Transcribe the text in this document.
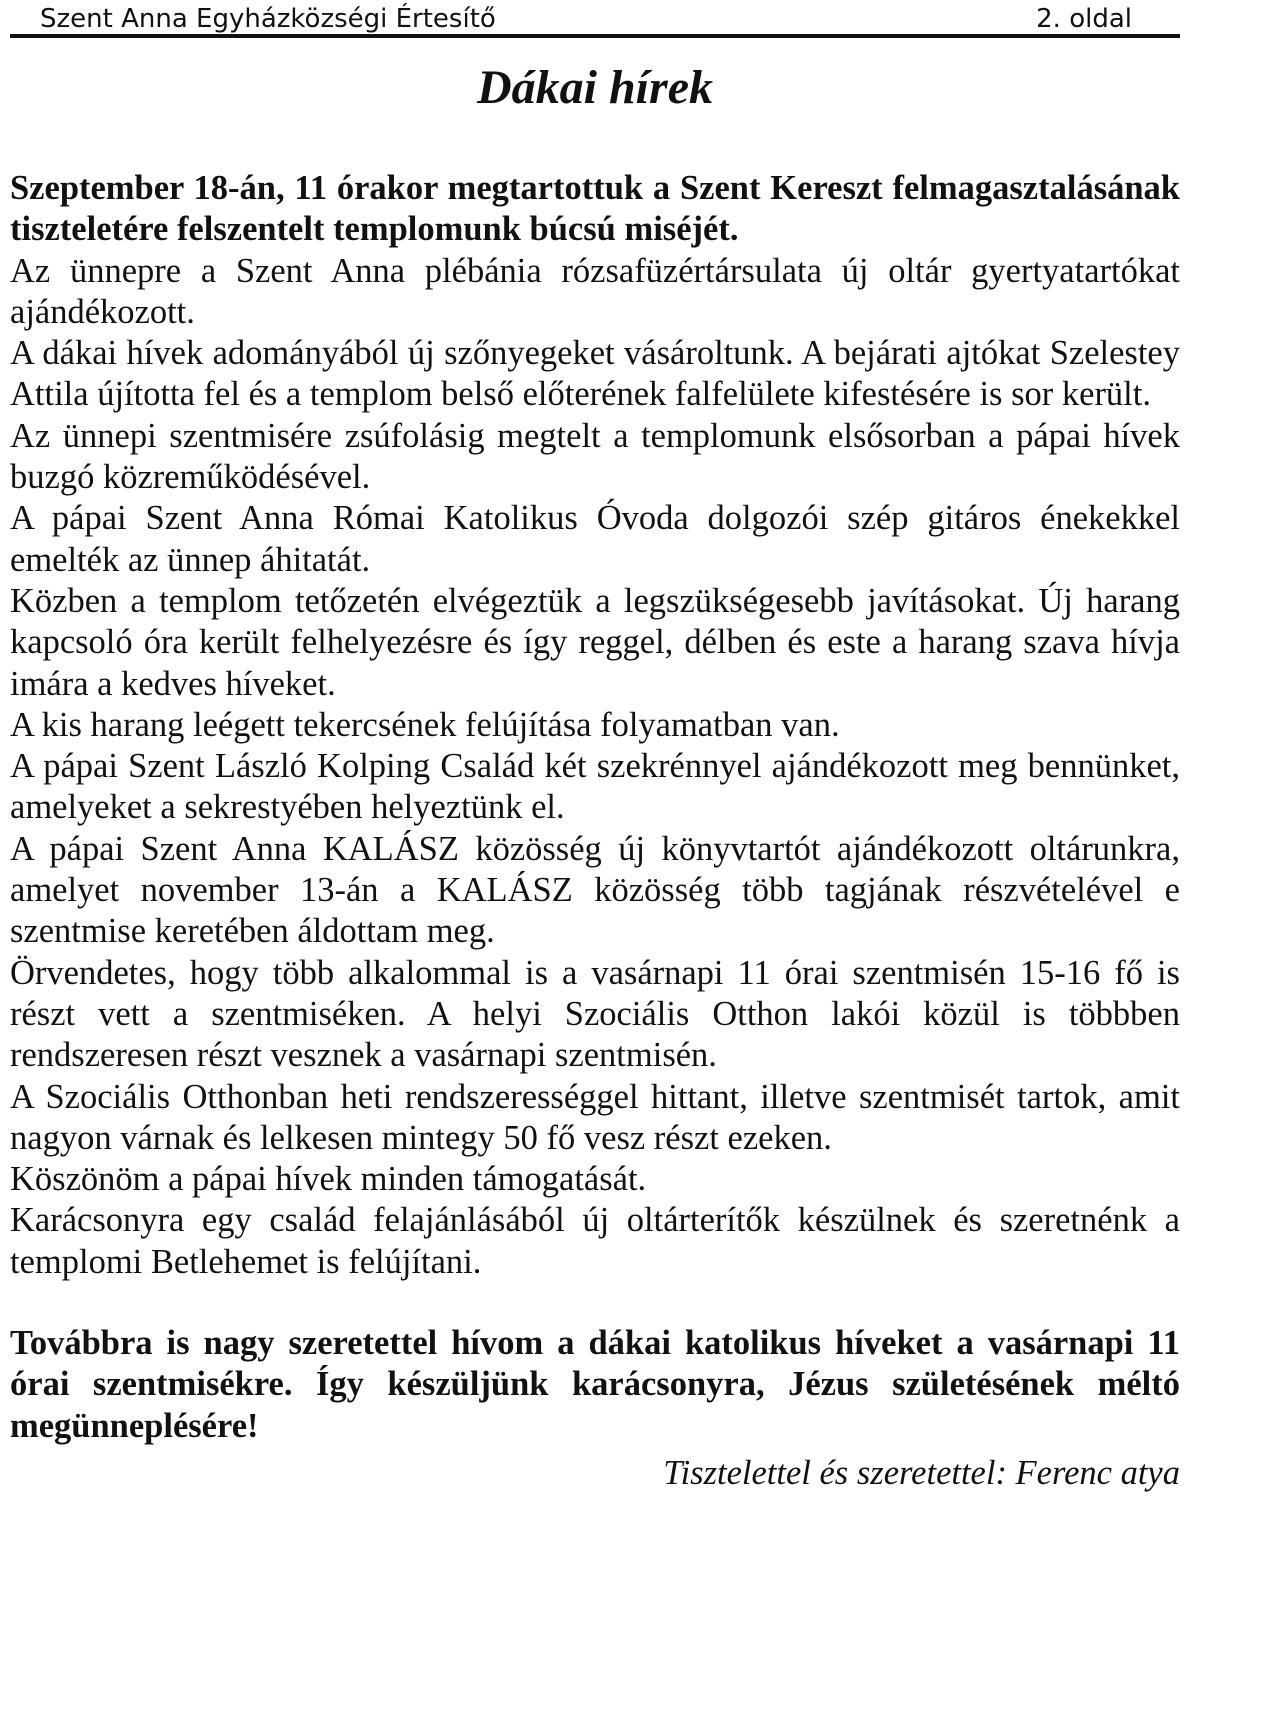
Szent Anna Egyházközségi Értesítő	2. oldal
Dákai hírek

Szeptember 18-án, 11 órakor megtartottuk a Szent Kereszt felmagasztalásának tiszteletére felszentelt templomunk búcsú miséjét.

Az ünnepre a Szent Anna plébánia rózsafüzértársulata új oltár gyertyatartókat ajándékozott.

A dákai hívek adományából új szőnyegeket vásároltunk. A bejárati ajtókat Szelestey Attila újította fel és a templom belső előterének falfelülete kifestésére is sor került.

Az ünnepi szentmisére zsúfolásig megtelt a templomunk elsősorban a pápai hívek buzgó közreműködésével.

A pápai Szent Anna Római Katolikus Óvoda dolgozói szép gitáros énekekkel emelték az ünnep áhitatát.

Közben a templom tetőzetén elvégeztük a legszükségesebb javításokat. Új harang kapcsoló óra került felhelyezésre és így reggel, délben és este a harang szava hívja imára a kedves híveket.

A kis harang leégett tekercsének felújítása folyamatban van.

A pápai Szent László Kolping Család két szekrénnyel ajándékozott meg bennünket, amelyeket a sekrestyében helyeztünk el.

A pápai Szent Anna KALÁSZ közösség új könyvtartót ajándékozott oltárunkra, amelyet november 13-án a KALÁSZ közösség több tagjának részvételével e szentmise keretében áldottam meg.

Örvendetes, hogy több alkalommal is a vasárnapi 11 órai szentmisén 15-16 fő is részt vett a szentmiséken. A helyi Szociális Otthon lakói közül is többben rendszeresen részt vesznek a vasárnapi szentmisén.

A Szociális Otthonban heti rendszerességgel hittant, illetve szentmisét tartok, amit nagyon várnak és lelkesen mintegy 50 fő vesz részt ezeken.

Köszönöm a pápai hívek minden támogatását.

Karácsonyra egy család felajánlásából új oltárterítők készülnek és szeretnénk a templomi Betlehemet is felújítani.

Továbbra is nagy szeretettel hívom a dákai katolikus híveket a vasárnapi 11 órai szentmisékre. Így készüljünk karácsonyra, Jézus születésének méltó megünneplésére!

Tisztelettel és szeretettel: Ferenc atya
